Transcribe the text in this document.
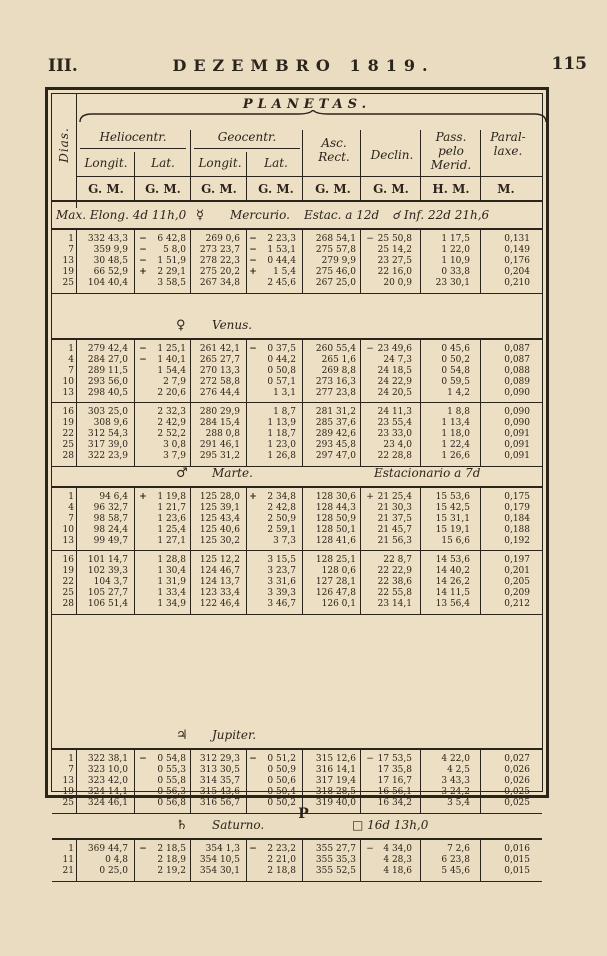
III.	DEZEMBRO 1819.	115
Dias.
PLANETAS.
Heliocentr.	Geocentr.
Longit.	Lat.	Longit.	Lat.
Asc. Rect.	Declin.
Pass. pelo Merid.
Paral-laxe.
G. M.	G. M.	G. M.	G. M.	G. M.	G. M.	H. M.	M.
Max. Elong. 4d 11h,0 ☿ Mercurio. Estac. a 12d ☌ Inf. 22d 21h,6
1	332 43,3 −	6 42,8	269 0,6 −	2 23,3	268 54,1 − 25 50,8	1 17,5	0,131
7	359 9,9 −	5 8,0	273 23,7 −	1 53,1	275 57,8	25 14,2	1 22,0	0,149
13	30 48,5 −	1 51,9	278 22,3 −	0 44,4	279 9,9	23 27,5	1 10,9	0,176
19	66 52,9 +	2 29,1	275 20,2 +	1 5,4	275 46,0	22 16,0	0 33,8	0,204
25	104 40,4	3 58,5	267 34,8	2 45,6	267 25,0	20 0,9	23 30,1	0,210
♀ Venus.
1	279 42,4 −	1 25,1	261 42,1 −	0 37,5	260 55,4 − 23 49,6	0 45,6	0,087
4	284 27,0 −	1 40,1	265 27,7	0 44,2	265 1,6	24 7,3	0 50,2	0,087
7	289 11,5	1 54,4	270 13,3	0 50,8	269 8,8	24 18,5	0 54,8	0,088
10	293 56,0	2 7,9	272 58,8	0 57,1	273 16,3	24 22,9	0 59,5	0,089
13	298 40,5	2 20,6	276 44,4	1 3,1	277 23,8	24 20,5	1 4,2	0,090
16	303 25,0	2 32,3	280 29,9	1 8,7	281 31,2	24 11,3	1 8,8	0,090
19	308 9,6	2 42,9	284 15,4	1 13,9	285 37,6	23 55,4	1 13,4	0,090
22	312 54,3	2 52,2	288 0,8	1 18,7	289 42,6	23 33,0	1 18,0	0,091
25	317 39,0	3 0,8	291 46,1	1 23,0	293 45,8	23 4,0	1 22,4	0,091
28	322 23,9	3 7,9	295 31,2	1 26,8	297 47,0	22 28,8	1 26,6	0,091
♂ Marte.	Estacionario a 7d
1	94 6,4 +	1 19,8	125 28,0 +	2 34,8	128 30,6 + 21 25,4	15 53,6	0,175
4	96 32,7	1 21,7	125 39,1	2 42,8	128 44,3	21 30,3	15 42,5	0,179
7	98 58,7	1 23,6	125 43,4	2 50,9	128 50,9	21 37,5	15 31,1	0,184
10	98 24,4	1 25,4	125 40,6	2 59,1	128 50,1	21 45,7	15 19,1	0,188
13	99 49,7	1 27,1	125 30,2	3 7,3	128 41,6	21 56,3	15 6,6	0,192
16	101 14,7	1 28,8	125 12,2	3 15,5	128 25,1	22 8,7	14 53,6	0,197
19	102 39,3	1 30,4	124 46,7	3 23,7	128 0,6	22 22,9	14 40,2	0,201
22	104 3,7	1 31,9	124 13,7	3 31,6	127 28,1	22 38,6	14 26,2	0,205
25	105 27,7	1 33,4	123 33,4	3 39,3	126 47,8	22 55,8	14 11,5	0,209
28	106 51,4	1 34,9	122 46,4	3 46,7	126 0,1	23 14,1	13 56,4	0,212
♃ Jupiter.
1	322 38,1 −	0 54,8	312 29,3 −	0 51,2	315 12,6 − 17 53,5	4 22,0	0,027
7	323 10,0	0 55,3	313 30,5	0 50,9	316 14,1	17 35,8	4 2,5	0,026
13	323 42,0	0 55,8	314 35,7	0 50,6	317 19,4	17 16,7	3 43,3	0,026
19	324 14,1	0 56,3	315 43,6	0 50,4	318 28,5	16 56,1	3 24,2	0,025
25	324 46,1	0 56,8	316 56,7	0 50,2	319 40,0	16 34,2	3 5,4	0,025
♄ Saturno.	□ 16d 13h,0
1	369 44,7 −	2 18,5	354 1,3 −	2 23,2	355 27,7 −	4 34,0	7 2,6	0,016
11	0 4,8	2 18,9	354 10,5	2 21,0	355 35,3	4 28,3	6 23,8	0,015
21	0 25,0	2 19,2	354 30,1	2 18,8	355 52,5	4 18,6	5 45,6	0,015
P
